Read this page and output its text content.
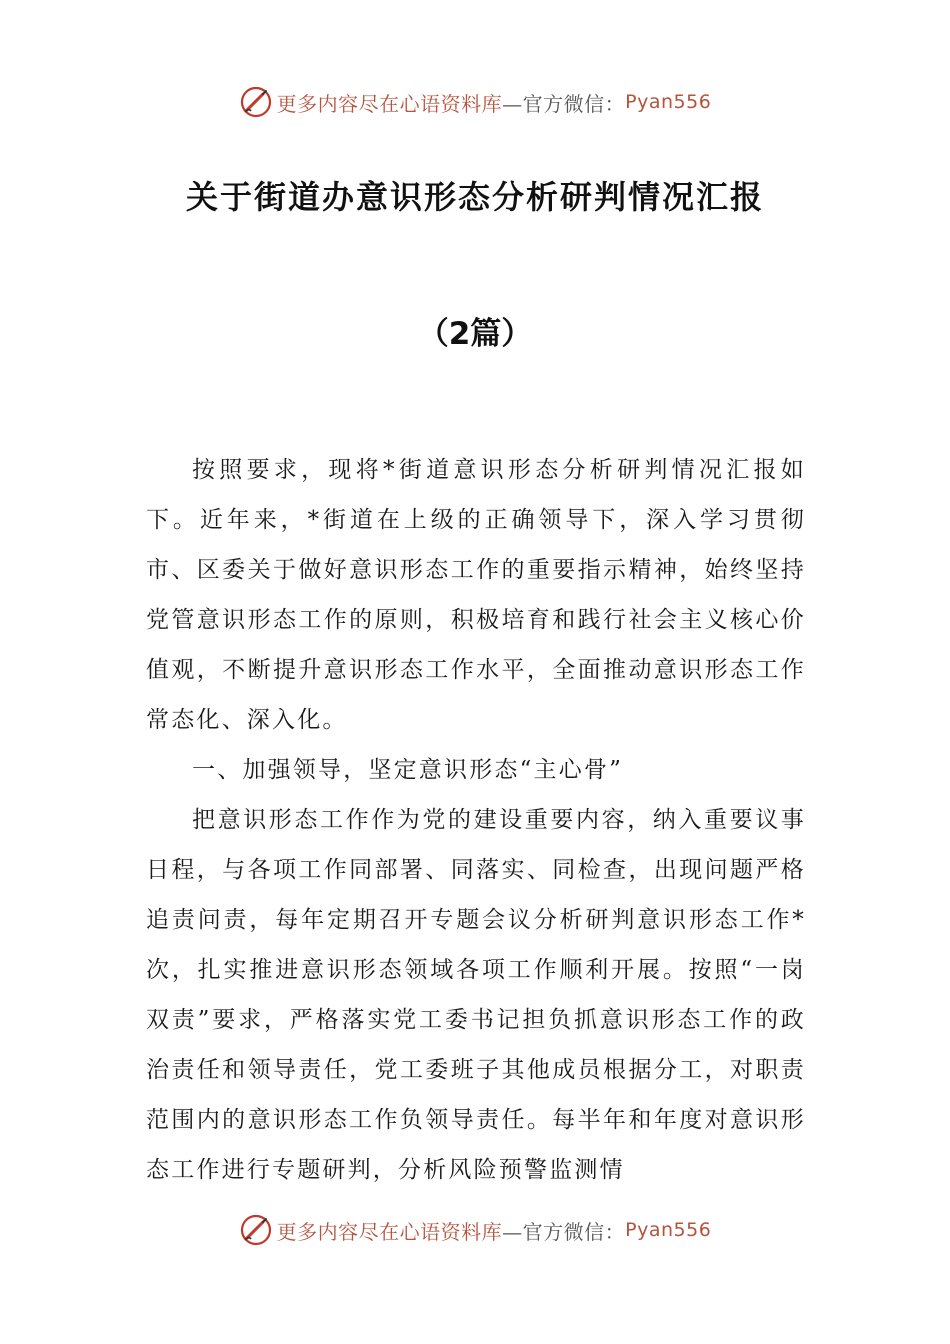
更多内容尽在心语资料库 —官方微信： Pyan556
关于街道办意识形态分析研判情况汇报
（2篇）

按照要求，现将*街道意识形态分析研判情况汇报如下。近年来，*街道在上级的正确领导下，深入学习贯彻市、区委关于做好意识形态工作的重要指示精神，始终坚持党管意识形态工作的原则，积极培育和践行社会主义核心价值观，不断提升意识形态工作水平，全面推动意识形态工作常态化、深入化。

一、加强领导，坚定意识形态“主心骨”

把意识形态工作作为党的建设重要内容，纳入重要议事日程，与各项工作同部署、同落实、同检查，出现问题严格追责问责，每年定期召开专题会议分析研判意识形态工作*次，扎实推进意识形态领域各项工作顺利开展。按照“一岗双责”要求，严格落实党工委书记担负抓意识形态工作的政治责任和领导责任，党工委班子其他成员根据分工，对职责范围内的意识形态工作负领导责任。每半年和年度对意识形态工作进行专题研判，分析风险预警监测情

更多内容尽在心语资料库 —官方微信： Pyan556
